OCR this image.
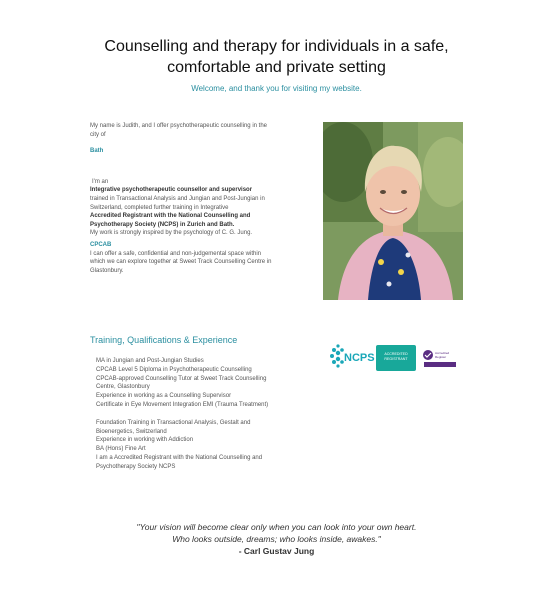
Counselling and therapy for individuals in a safe,
comfortable and private setting
Welcome, and thank you for visiting my website.
My name is Judith, and I offer psychotherapeutic counselling in the
city of
Bath
I'm an
Integrative psychotherapeutic counsellor and supervisor
trained in Transactional Analysis and Jungian and Post-Jungian in
Switzerland, completed further training in Integrative
Accredited Registrant with the National Counselling and
Psychotherapy Society (NCPS) in Zurich and Bath.
My work is strongly inspired by the psychology of C. G. Jung.
CPCAB
I can offer a safe, confidential and non-judgemental space within
which we can explore together at Sweet Track Counselling Centre in
Glastonbury.
Training, Qualifications & Experience
MA in Jungian and Post-Jungian Studies
CPCAB Level 5 Diploma in Psychotherapeutic Counselling
CPCAB-approved Counselling Tutor at Sweet Track Counselling
Centre, Glastonbury
Experience in working as a Counselling Supervisor
Certificate in Eye Movement Integration EMI (Trauma Treatment)
Foundation Training in Transactional Analysis, Gestalt and
Bioenergetics, Switzerland
Experience in working with Addiction
BA (Hons) Fine Art
I am a Accredited Registrant with the National Counselling and
Psychotherapy Society NCPS
NCPS	ACCREDITED
REGISTRANT
Accredited
Register
"Your vision will become clear only when you can look into your own heart.
Who looks outside, dreams; who looks inside, awakes."
- Carl Gustav Jung
